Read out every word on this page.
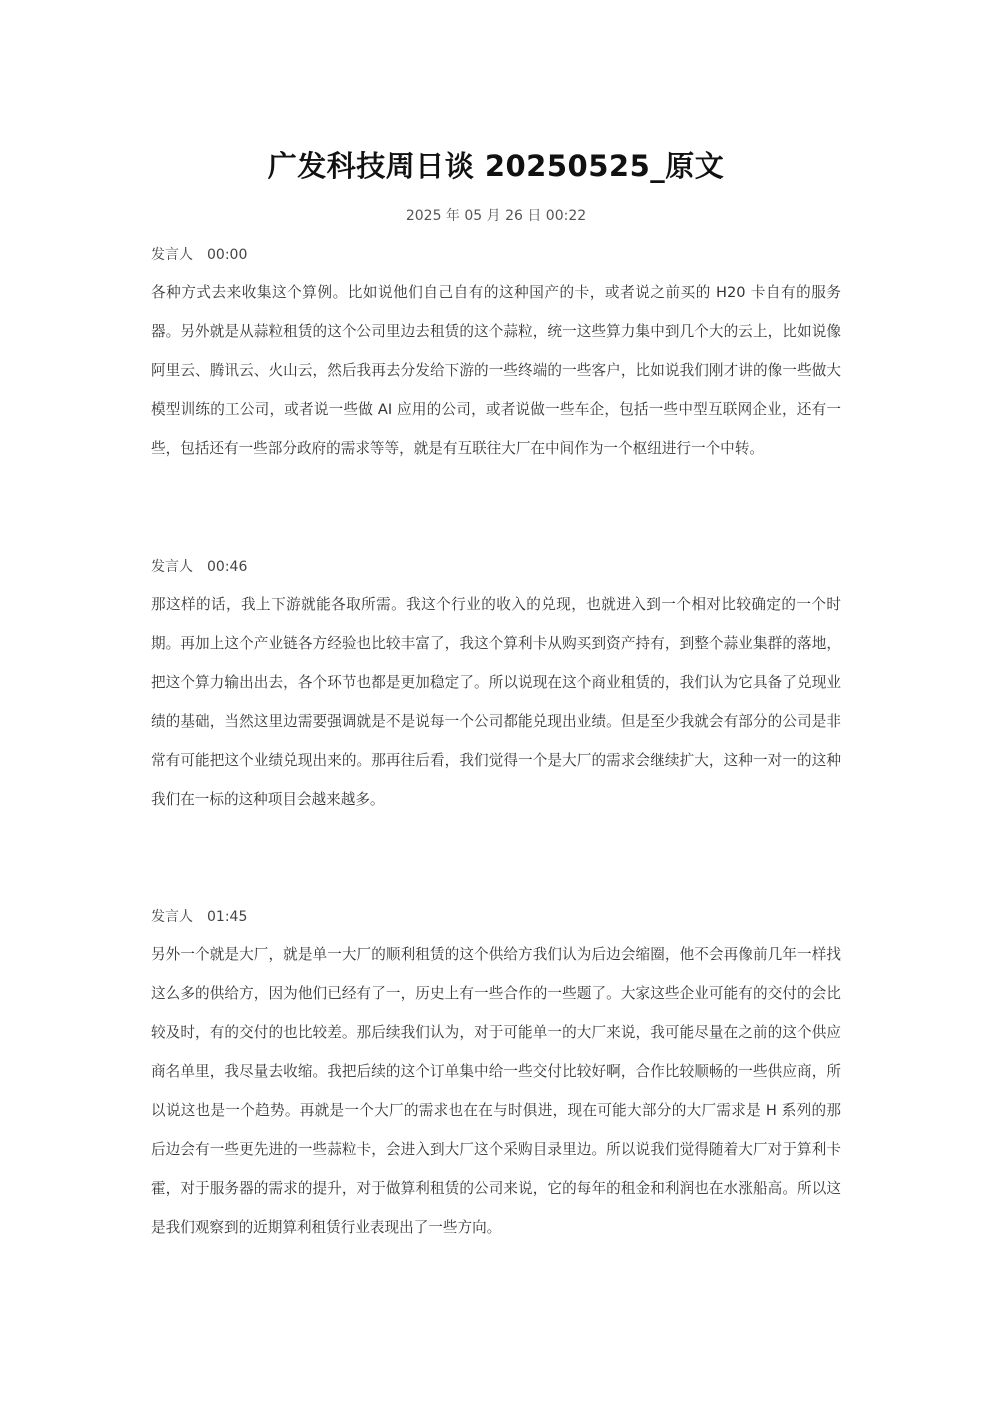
广发科技周日谈 20250525_原文
2025 年 05 月 26 日 00:22
发言人 00:00
各种方式去来收集这个算例。比如说他们自己自有的这种国产的卡，或者说之前买的 H20 卡自有的服务器。另外就是从蒜粒租赁的这个公司里边去租赁的这个蒜粒，统一这些算力集中到几个大的云上，比如说像阿里云、腾讯云、火山云，然后我再去分发给下游的一些终端的一些客户，比如说我们刚才讲的像一些做大模型训练的工公司，或者说一些做 AI 应用的公司，或者说做一些车企，包括一些中型互联网企业，还有一些，包括还有一些部分政府的需求等等，就是有互联往大厂在中间作为一个枢纽进行一个中转。
发言人 00:46
那这样的话，我上下游就能各取所需。我这个行业的收入的兑现，也就进入到一个相对比较确定的一个时期。再加上这个产业链各方经验也比较丰富了，我这个算利卡从购买到资产持有，到整个蒜业集群的落地，把这个算力输出出去，各个环节也都是更加稳定了。所以说现在这个商业租赁的，我们认为它具备了兑现业绩的基础，当然这里边需要强调就是不是说每一个公司都能兑现出业绩。但是至少我就会有部分的公司是非常有可能把这个业绩兑现出来的。那再往后看，我们觉得一个是大厂的需求会继续扩大，这种一对一的这种我们在一标的这种项目会越来越多。
发言人 01:45
另外一个就是大厂，就是单一大厂的顺利租赁的这个供给方我们认为后边会缩圈，他不会再像前几年一样找这么多的供给方，因为他们已经有了一，历史上有一些合作的一些题了。大家这些企业可能有的交付的会比较及时，有的交付的也比较差。那后续我们认为，对于可能单一的大厂来说，我可能尽量在之前的这个供应商名单里，我尽量去收缩。我把后续的这个订单集中给一些交付比较好啊，合作比较顺畅的一些供应商，所以说这也是一个趋势。再就是一个大厂的需求也在在与时俱进，现在可能大部分的大厂需求是 H 系列的那后边会有一些更先进的一些蒜粒卡，会进入到大厂这个采购目录里边。所以说我们觉得随着大厂对于算利卡霍，对于服务器的需求的提升，对于做算利租赁的公司来说，它的每年的租金和利润也在水涨船高。所以这是我们观察到的近期算利租赁行业表现出了一些方向。
